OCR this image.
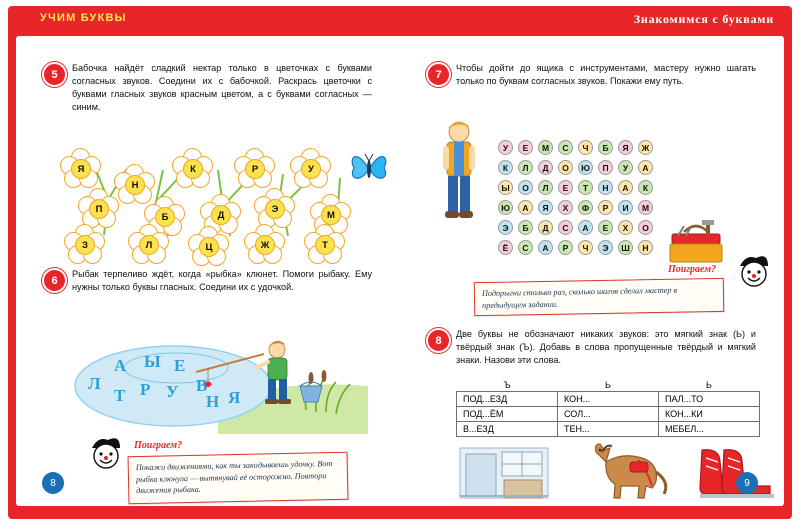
УЧИМ БУКВЫ	Знакомимся с буквами
5
Бабочка найдёт сладкий нектар только в цветочках с буквами согласных звуков. Соедини их с бабочкой. Раскрась цветочки с буквами гласных звуков красным цветом, а с буквами согласных — синим.
Я
Н
К	Р	У
П
Б	Д
Э
М
З	Л	Ц	Ж	Т
6
Рыбак терпеливо ждёт, когда «рыбка» клюнет. Помоги рыбаку. Ему нужны только буквы гласных. Соедини их с удочкой.
Л
А Ы Е
Т Р У В
Н Я
Поиграем?
Покажи движениями, как ты закидываешь удочку. Вот рыбка клюнула — вытянувай её осторожно. Повтори движения рыбака.
8
7
Чтобы дойти до ящика с инструментами, мастеру нужно шагать только по буквам согласных звуков. Покажи ему путь.
У	Е	М	С	Ч	Б	Я	Ж
К	Л	Д	О	Ю	П	У	А
Ы	О	Л	Е	Т	Н	А	К
Ю	А	Я	Х	Ф	Р	И	М
Э	Б	Д	С	А	Е	Х	О
Ё	С	А	Р	Ч	Э	Ш	Н
Поиграем?
Подпрыгни столько раз, сколько шагов сделал мастер в предыдущем задании.
8
Две буквы не обозначают никаких звуков: это мягкий знак (Ь) и твёрдый знак (Ъ). Добавь в слова пропущенные твёрдый и мягкий знаки. Назови эти слова.
Ъ	Ь	Ь
ПОД...ЕЗД	КОН...	ПАЛ...ТО
ПОД...ЁМ	СОЛ...	КОН...КИ
В...ЕЗД	ТЕН...	МЕБЕЛ...
9
